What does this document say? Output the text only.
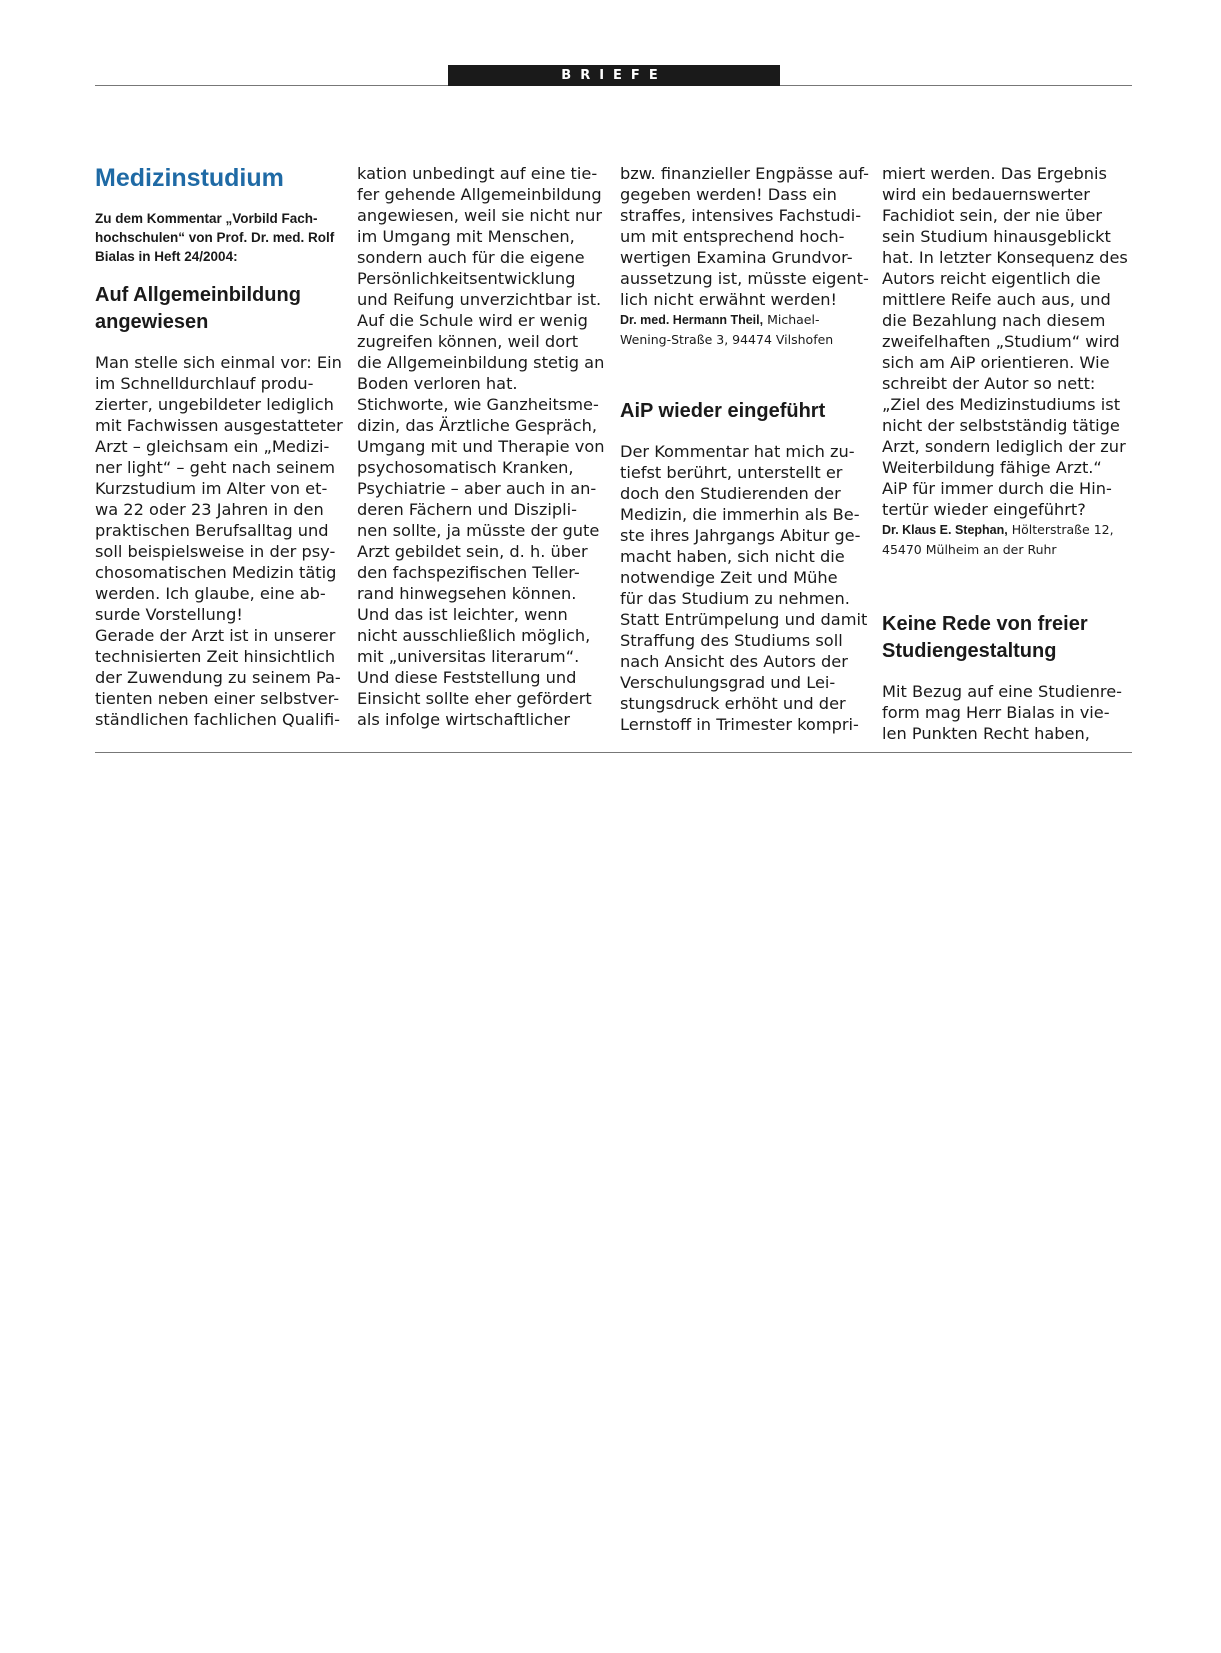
BRIEFE
Medizinstudium
Zu dem Kommentar „Vorbild Fach-
hochschulen“ von Prof. Dr. med. Rolf
Bialas in Heft 24/2004:
Auf Allgemeinbildung
angewiesen

Man stelle sich einmal vor: Ein
im Schnelldurchlauf produ-
zierter, ungebildeter lediglich
mit Fachwissen ausgestatteter
Arzt – gleichsam ein „Medizi-
ner light“ – geht nach seinem
Kurzstudium im Alter von et-
wa 22 oder 23 Jahren in den
praktischen Berufsalltag und
soll beispielsweise in der psy-
chosomatischen Medizin tätig
werden. Ich glaube, eine ab-
surde Vorstellung!
Gerade der Arzt ist in unserer
technisierten Zeit hinsichtlich
der Zuwendung zu seinem Pa-
tienten neben einer selbstver-
ständlichen fachlichen Qualifi-

kation unbedingt auf eine tie-
fer gehende Allgemeinbildung
angewiesen, weil sie nicht nur
im Umgang mit Menschen,
sondern auch für die eigene
Persönlichkeitsentwicklung
und Reifung unverzichtbar ist.
Auf die Schule wird er wenig
zugreifen können, weil dort
die Allgemeinbildung stetig an
Boden verloren hat.
Stichworte, wie Ganzheitsme-
dizin, das Ärztliche Gespräch,
Umgang mit und Therapie von
psychosomatisch Kranken,
Psychiatrie – aber auch in an-
deren Fächern und Diszipli-
nen sollte, ja müsste der gute
Arzt gebildet sein, d. h. über
den fachspezifischen Teller-
rand hinwegsehen können.
Und das ist leichter, wenn
nicht ausschließlich möglich,
mit „universitas literarum“.
Und diese Feststellung und
Einsicht sollte eher gefördert
als infolge wirtschaftlicher

bzw. finanzieller Engpässe auf-
gegeben werden! Dass ein
straffes, intensives Fachstudi-
um mit entsprechend hoch-
wertigen Examina Grundvor-
aussetzung ist, müsste eigent-
lich nicht erwähnt werden!

Dr. med. Hermann Theil, Michael-
Wening-Straße 3, 94474 Vilshofen
AiP wieder eingeführt

Der Kommentar hat mich zu-
tiefst berührt, unterstellt er
doch den Studierenden der
Medizin, die immerhin als Be-
ste ihres Jahrgangs Abitur ge-
macht haben, sich nicht die
notwendige Zeit und Mühe
für das Studium zu nehmen.
Statt Entrümpelung und damit
Straffung des Studiums soll
nach Ansicht des Autors der
Verschulungsgrad und Lei-
stungsdruck erhöht und der
Lernstoff in Trimester kompri-

miert werden. Das Ergebnis
wird ein bedauernswerter
Fachidiot sein, der nie über
sein Studium hinausgeblickt
hat. In letzter Konsequenz des
Autors reicht eigentlich die
mittlere Reife auch aus, und
die Bezahlung nach diesem
zweifelhaften „Studium“ wird
sich am AiP orientieren. Wie
schreibt der Autor so nett:
„Ziel des Medizinstudiums ist
nicht der selbstständig tätige
Arzt, sondern lediglich der zur
Weiterbildung fähige Arzt.“
AiP für immer durch die Hin-
tertür wieder eingeführt?

Dr. Klaus E. Stephan, Hölterstraße 12,
45470 Mülheim an der Ruhr
Keine Rede von freier
Studiengestaltung

Mit Bezug auf eine Studienre-
form mag Herr Bialas in vie-
len Punkten Recht haben,
